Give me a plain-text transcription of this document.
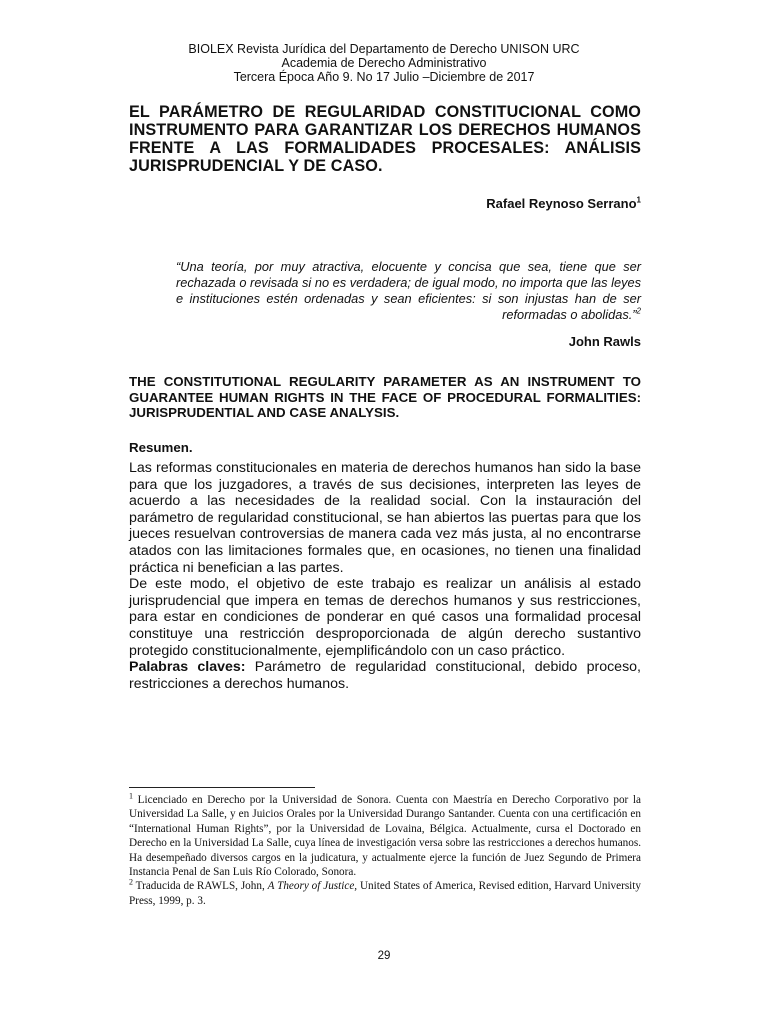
BIOLEX Revista Jurídica del Departamento de Derecho UNISON URC
Academia de Derecho Administrativo
Tercera Época Año 9. No 17 Julio –Diciembre de 2017
EL PARÁMETRO DE REGULARIDAD CONSTITUCIONAL COMO INSTRUMENTO PARA GARANTIZAR LOS DERECHOS HUMANOS FRENTE A LAS FORMALIDADES PROCESALES: ANÁLISIS JURISPRUDENCIAL Y DE CASO.
Rafael Reynoso Serrano$^1$
“Una teoría, por muy atractiva, elocuente y concisa que sea, tiene que ser rechazada o revisada si no es verdadera; de igual modo, no importa que las leyes e instituciones estén ordenadas y sean eficientes: si son injustas han de ser reformadas o abolidas.”$^2$
John Rawls
THE CONSTITUTIONAL REGULARITY PARAMETER AS AN INSTRUMENT TO GUARANTEE HUMAN RIGHTS IN THE FACE OF PROCEDURAL FORMALITIES: JURISPRUDENTIAL AND CASE ANALYSIS.
Resumen.

Las reformas constitucionales en materia de derechos humanos han sido la base para que los juzgadores, a través de sus decisiones, interpreten las leyes de acuerdo a las necesidades de la realidad social. Con la instauración del parámetro de regularidad constitucional, se han abiertos las puertas para que los jueces resuelvan controversias de manera cada vez más justa, al no encontrarse atados con las limitaciones formales que, en ocasiones, no tienen una finalidad práctica ni benefician a las partes.

De este modo, el objetivo de este trabajo es realizar un análisis al estado jurisprudencial que impera en temas de derechos humanos y sus restricciones, para estar en condiciones de ponderar en qué casos una formalidad procesal constituye una restricción desproporcionada de algún derecho sustantivo protegido constitucionalmente, ejemplificándolo con un caso práctico.

Palabras claves: Parámetro de regularidad constitucional, debido proceso, restricciones a derechos humanos.

$^1$ Licenciado en Derecho por la Universidad de Sonora. Cuenta con Maestría en Derecho Corporativo por la Universidad La Salle, y en Juicios Orales por la Universidad Durango Santander. Cuenta con una certificación en “International Human Rights”, por la Universidad de Lovaina, Bélgica. Actualmente, cursa el Doctorado en Derecho en la Universidad La Salle, cuya línea de investigación versa sobre las restricciones a derechos humanos. Ha desempeñado diversos cargos en la judicatura, y actualmente ejerce la función de Juez Segundo de Primera Instancia Penal de San Luis Río Colorado, Sonora.

$^2$ Traducida de RAWLS, John, A Theory of Justice, United States of America, Revised edition, Harvard University Press, 1999, p. 3.

29
